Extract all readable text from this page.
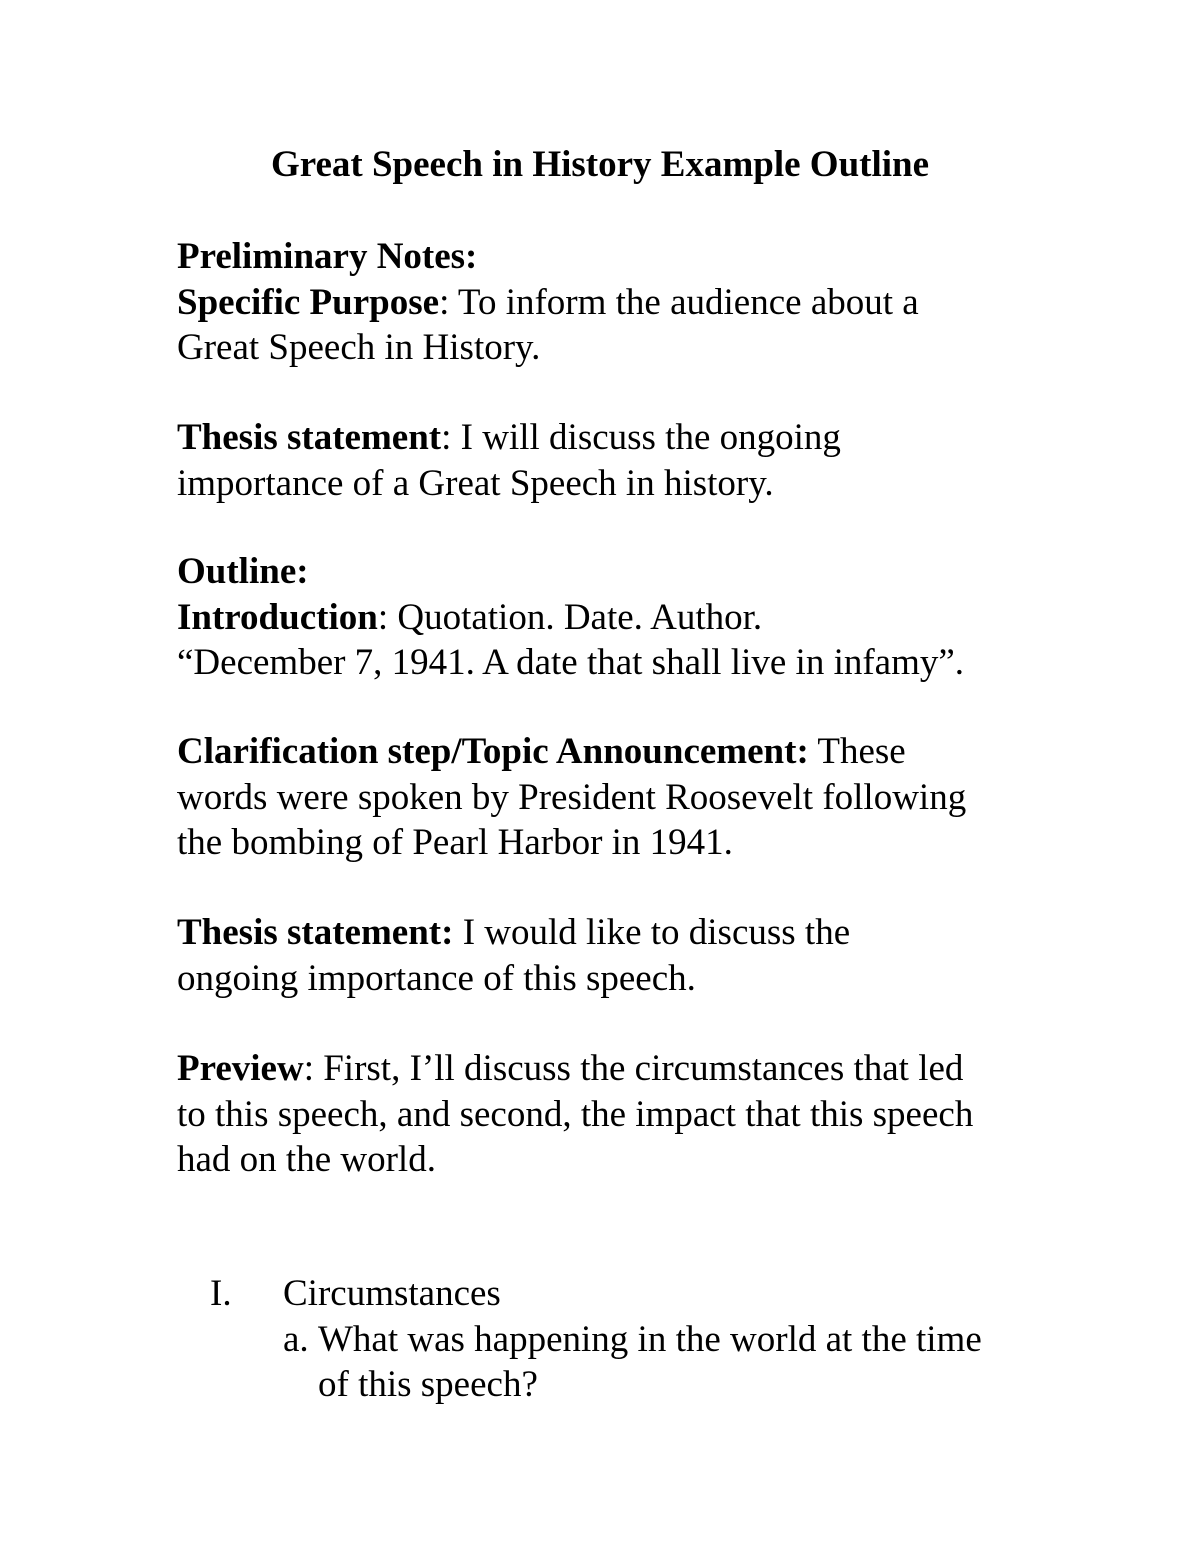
Great Speech in History Example Outline
Preliminary Notes:
Specific Purpose: To inform the audience about a
Great Speech in History.
Thesis statement: I will discuss the ongoing
importance of a Great Speech in history.
Outline:
Introduction: Quotation. Date. Author.
“December 7, 1941. A date that shall live in infamy”.
Clarification step/Topic Announcement: These
words were spoken by President Roosevelt following
the bombing of Pearl Harbor in 1941.
Thesis statement: I would like to discuss the
ongoing importance of this speech.
Preview: First, I’ll discuss the circumstances that led
to this speech, and second, the impact that this speech
had on the world.
I. Circumstances
a. What was happening in the world at the time
of this speech?
